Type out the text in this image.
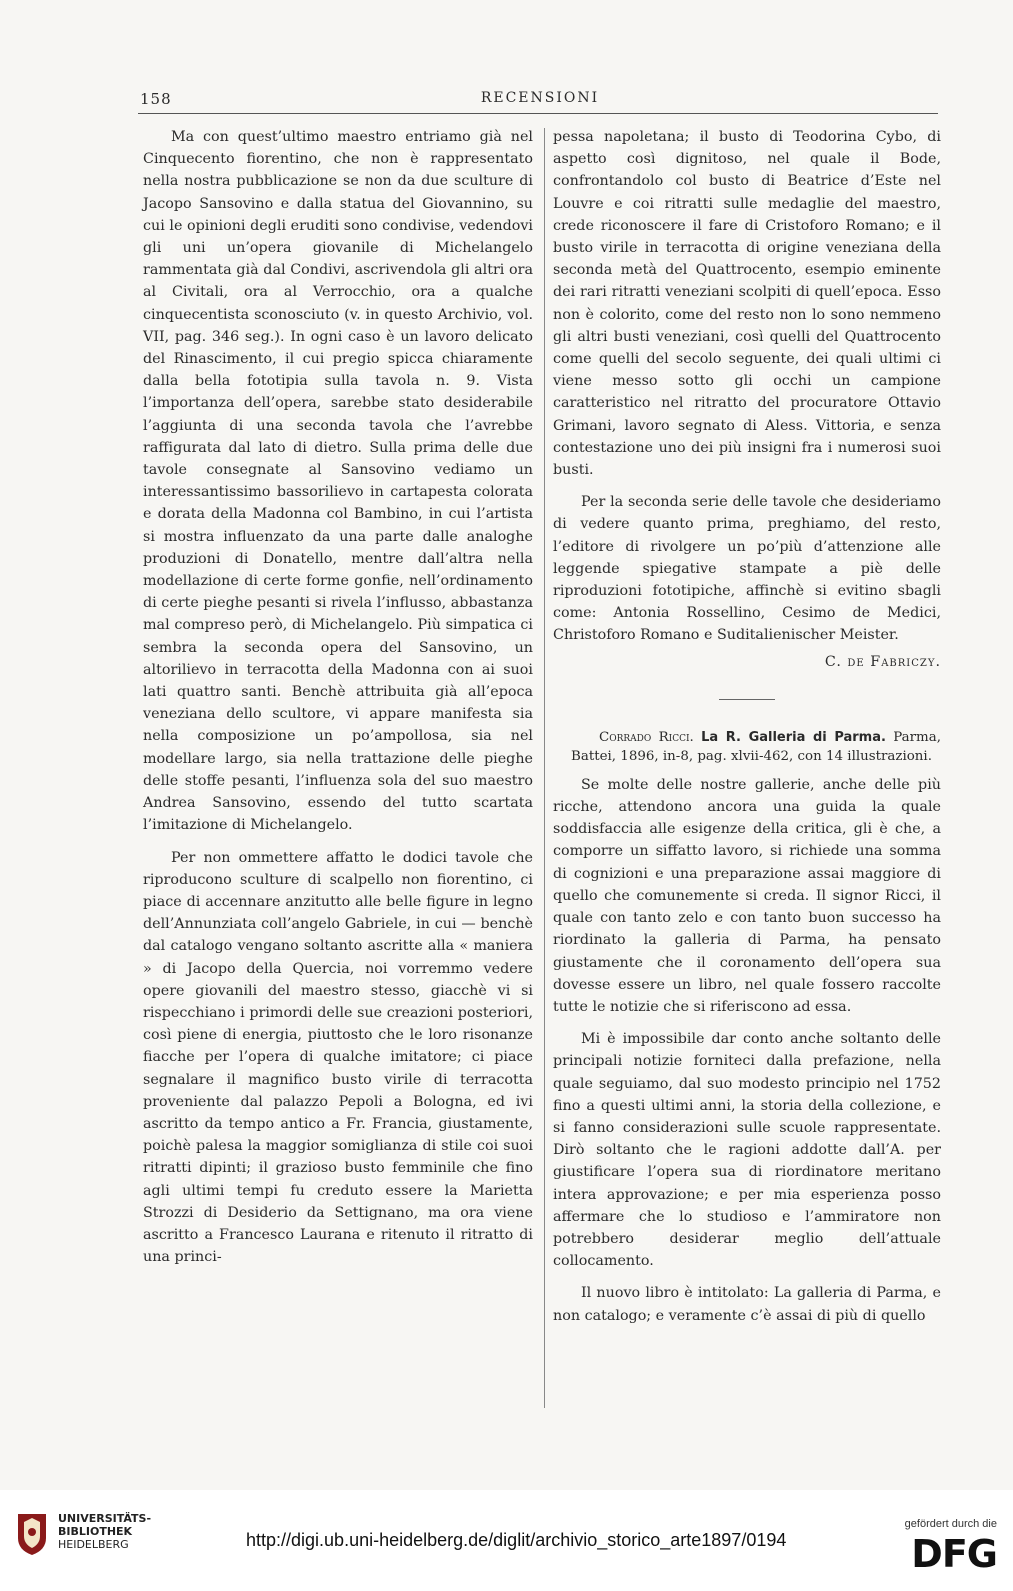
158	RECENSIONI

Ma con quest’ultimo maestro entriamo già nel Cinquecento fiorentino, che non è rappresentato nella nostra pubblicazione se non da due sculture di Jacopo Sansovino e dalla statua del Giovannino, su cui le opinioni degli eruditi sono condivise, vedendovi gli uni un’opera giovanile di Michelangelo rammentata già dal Condivi, ascrivendola gli altri ora al Civitali, ora al Verrocchio, ora a qualche cinquecentista sconosciuto (v. in questo Archivio, vol. VII, pag. 346 seg.). In ogni caso è un lavoro delicato del Rinascimento, il cui pregio spicca chiaramente dalla bella fototipia sulla tavola n. 9. Vista l’importanza dell’opera, sarebbe stato desiderabile l’aggiunta di una seconda tavola che l’avrebbe raffigurata dal lato di dietro. Sulla prima delle due tavole consegnate al Sansovino vediamo un interessantissimo bassorilievo in cartapesta colorata e dorata della Madonna col Bambino, in cui l’artista si mostra influenzato da una parte dalle analoghe produzioni di Donatello, mentre dall’altra nella modellazione di certe forme gonfie, nell’ordinamento di certe pieghe pesanti si rivela l’influsso, abbastanza mal compreso però, di Michelangelo. Più simpatica ci sembra la seconda opera del Sansovino, un altorilievo in terracotta della Madonna con ai suoi lati quattro santi. Benchè attribuita già all’epoca veneziana dello scultore, vi appare manifesta sia nella composizione un po’ampollosa, sia nel modellare largo, sia nella trattazione delle pieghe delle stoffe pesanti, l’influenza sola del suo maestro Andrea Sansovino, essendo del tutto scartata l’imitazione di Michelangelo.

Per non ommettere affatto le dodici tavole che riproducono sculture di scalpello non fiorentino, ci piace di accennare anzitutto alle belle figure in legno dell’Annunziata coll’angelo Gabriele, in cui — benchè dal catalogo vengano soltanto ascritte alla « maniera » di Jacopo della Quercia, noi vorremmo vedere opere giovanili del maestro stesso, giacchè vi si rispecchiano i primordi delle sue creazioni posteriori, così piene di energia, piuttosto che le loro risonanze fiacche per l’opera di qualche imitatore; ci piace segnalare il magnifico busto virile di terracotta proveniente dal palazzo Pepoli a Bologna, ed ivi ascritto da tempo antico a Fr. Francia, giustamente, poichè palesa la maggior somiglianza di stile coi suoi ritratti dipinti; il grazioso busto femminile che fino agli ultimi tempi fu creduto essere la Marietta Strozzi di Desiderio da Settignano, ma ora viene ascritto a Francesco Laurana e ritenuto il ritratto di una princi-

pessa napoletana; il busto di Teodorina Cybo, di aspetto così dignitoso, nel quale il Bode, confrontandolo col busto di Beatrice d’Este nel Louvre e coi ritratti sulle medaglie del maestro, crede riconoscere il fare di Cristoforo Romano; e il busto virile in terracotta di origine veneziana della seconda metà del Quattrocento, esempio eminente dei rari ritratti veneziani scolpiti di quell’epoca. Esso non è colorito, come del resto non lo sono nemmeno gli altri busti veneziani, così quelli del Quattrocento come quelli del secolo seguente, dei quali ultimi ci viene messo sotto gli occhi un campione caratteristico nel ritratto del procuratore Ottavio Grimani, lavoro segnato di Aless. Vittoria, e senza contestazione uno dei più insigni fra i numerosi suoi busti.

Per la seconda serie delle tavole che desideriamo di vedere quanto prima, preghiamo, del resto, l’editore di rivolgere un po’più d’attenzione alle leggende spiegative stampate a piè delle riproduzioni fototipiche, affinchè si evitino sbagli come: Antonia Rossellino, Cesimo de Medici, Christoforo Romano e Suditalienischer Meister.

C. de Fabriczy.

Corrado Ricci. La R. Galleria di Parma. Parma, Battei, 1896, in-8, pag. xlvii-462, con 14 illustrazioni.

Se molte delle nostre gallerie, anche delle più ricche, attendono ancora una guida la quale soddisfaccia alle esigenze della critica, gli è che, a comporre un siffatto lavoro, si richiede una somma di cognizioni e una preparazione assai maggiore di quello che comunemente si creda. Il signor Ricci, il quale con tanto zelo e con tanto buon successo ha riordinato la galleria di Parma, ha pensato giustamente che il coronamento dell’opera sua dovesse essere un libro, nel quale fossero raccolte tutte le notizie che si riferiscono ad essa.

Mi è impossibile dar conto anche soltanto delle principali notizie forniteci dalla prefazione, nella quale seguiamo, dal suo modesto principio nel 1752 fino a questi ultimi anni, la storia della collezione, e si fanno considerazioni sulle scuole rappresentate. Dirò soltanto che le ragioni addotte dall’A. per giustificare l’opera sua di riordinatore meritano intera approvazione; e per mia esperienza posso affermare che lo studioso e l’ammiratore non potrebbero desiderar meglio dell’attuale collocamento.

Il nuovo libro è intitolato: La galleria di Parma, e non catalogo; e veramente c’è assai di più di quello

UNIVERSITÄTS-
BIBLIOTHEK
HEIDELBERG	http://digi.ub.uni-heidelberg.de/diglit/archivio_storico_arte1897/0194
gefördert durch die
DFG
